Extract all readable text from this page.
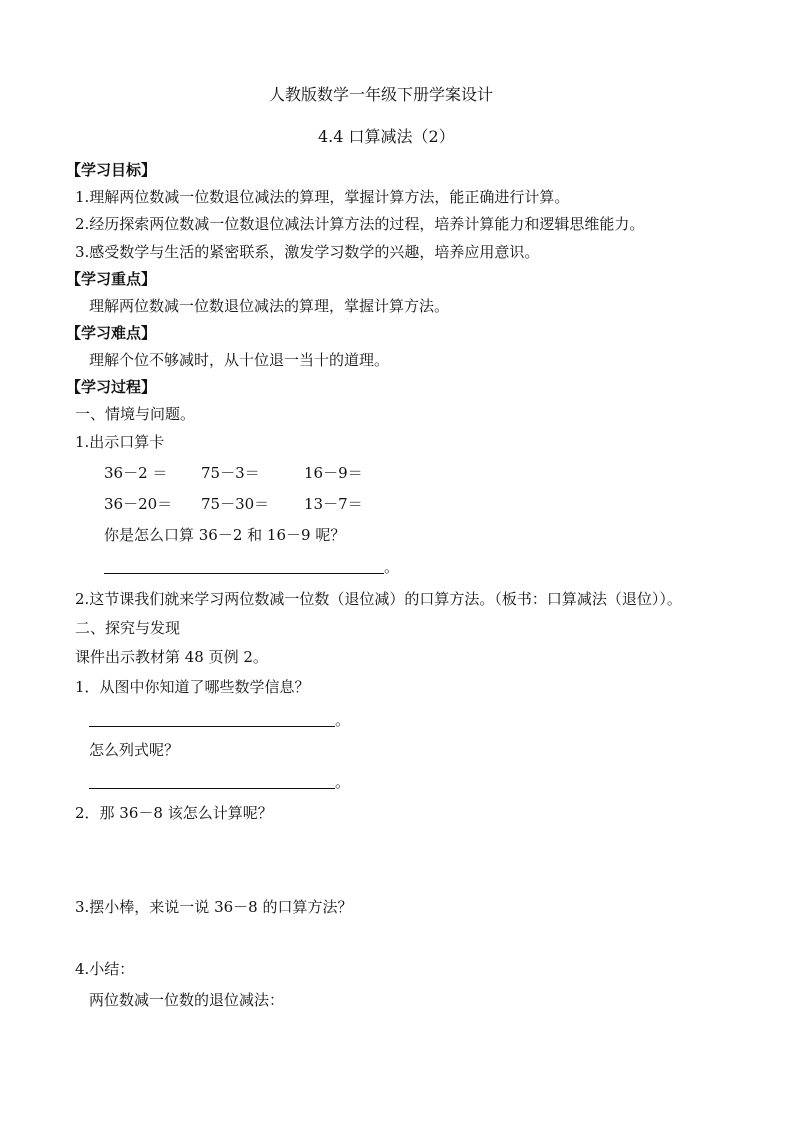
人教版数学一年级下册学案设计
4.4 口算减法（2）
【学习目标】
1.理解两位数减一位数退位减法的算理，掌握计算方法，能正确进行计算。
2.经历探索两位数减一位数退位减法计算方法的过程，培养计算能力和逻辑思维能力。
3.感受数学与生活的紧密联系，激发学习数学的兴趣，培养应用意识。
【学习重点】
理解两位数减一位数退位减法的算理，掌握计算方法。
【学习难点】
理解个位不够减时，从十位退一当十的道理。
【学习过程】
一、情境与问题。
1.出示口算卡
36－2 ＝ 75－3＝	16－9＝
36－20＝ 75－30＝ 13－7＝
你是怎么口算 36－2 和 16－9 呢？
。
2.这节课我们就来学习两位数减一位数（退位减）的口算方法。（板书：口算减法（退位））。
二、探究与发现
课件出示教材第 48 页例 2。
1．从图中你知道了哪些数学信息？
。
怎么列式呢？
。
2．那 36－8 该怎么计算呢？
3.摆小棒，来说一说 36－8 的口算方法？
4.小结：
两位数减一位数的退位减法：
